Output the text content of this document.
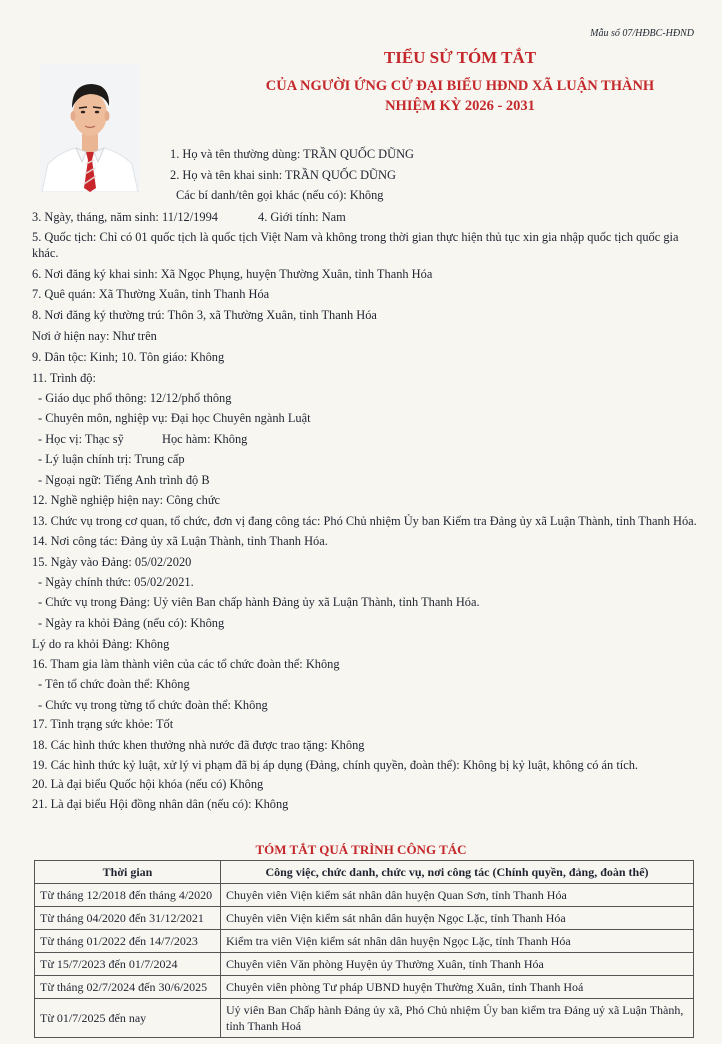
Mẫu số 07/HĐBC-HĐND
TIỂU SỬ TÓM TẮT
CỦA NGƯỜI ỨNG CỬ ĐẠI BIỂU HĐND XÃ LUẬN THÀNH
NHIỆM KỲ 2026 - 2031
1. Họ và tên thường dùng: TRẦN QUỐC DŨNG
2. Họ và tên khai sinh: TRẦN QUỐC DŨNG
Các bí danh/tên gọi khác (nếu có): Không
3. Ngày, tháng, năm sinh: 11/12/1994	4. Giới tính: Nam
5. Quốc tịch: Chỉ có 01 quốc tịch là quốc tịch Việt Nam và không trong thời gian thực hiện thủ tục xin gia nhập quốc tịch quốc gia khác.
6. Nơi đăng ký khai sinh: Xã Ngọc Phụng, huyện Thường Xuân, tỉnh Thanh Hóa
7. Quê quán: Xã Thường Xuân, tỉnh Thanh Hóa
8. Nơi đăng ký thường trú: Thôn 3, xã Thường Xuân, tỉnh Thanh Hóa
Nơi ở hiện nay: Như trên
9. Dân tộc: Kinh; 10. Tôn giáo: Không
11. Trình độ:
- Giáo dục phổ thông: 12/12/phổ thông
- Chuyên môn, nghiệp vụ: Đại học Chuyên ngành Luật
- Học vị: Thạc sỹ	Học hàm: Không
- Lý luận chính trị: Trung cấp
- Ngoại ngữ: Tiếng Anh trình độ B
12. Nghề nghiệp hiện nay: Công chức
13. Chức vụ trong cơ quan, tổ chức, đơn vị đang công tác: Phó Chủ nhiệm Ủy ban Kiểm tra Đảng ủy xã Luận Thành, tỉnh Thanh Hóa.
14. Nơi công tác: Đảng ủy xã Luận Thành, tỉnh Thanh Hóa.
15. Ngày vào Đảng: 05/02/2020
- Ngày chính thức: 05/02/2021.
- Chức vụ trong Đảng: Uỷ viên Ban chấp hành Đảng ủy xã Luận Thành, tỉnh Thanh Hóa.
- Ngày ra khỏi Đảng (nếu có): Không
Lý do ra khỏi Đảng: Không
16. Tham gia làm thành viên của các tổ chức đoàn thể: Không
- Tên tổ chức đoàn thể: Không
- Chức vụ trong từng tổ chức đoàn thể: Không
17. Tình trạng sức khỏe: Tốt
18. Các hình thức khen thưởng nhà nước đã được trao tặng: Không
19. Các hình thức kỷ luật, xử lý vi phạm đã bị áp dụng (Đảng, chính quyền, đoàn thể): Không bị kỷ luật, không có án tích.
20. Là đại biểu Quốc hội khóa (nếu có) Không
21. Là đại biểu Hội đồng nhân dân (nếu có): Không
TÓM TẮT QUÁ TRÌNH CÔNG TÁC
Thời gian	Công việc, chức danh, chức vụ, nơi công tác (Chính quyền, đảng, đoàn thể)
Từ tháng 12/2018 đến tháng 4/2020	Chuyên viên Viện kiểm sát nhân dân huyện Quan Sơn, tỉnh Thanh Hóa
Từ tháng 04/2020 đến 31/12/2021	Chuyên viên Viện kiểm sát nhân dân huyện Ngọc Lặc, tỉnh Thanh Hóa
Từ tháng 01/2022 đến 14/7/2023	Kiểm tra viên Viện kiểm sát nhân dân huyện Ngọc Lặc, tỉnh Thanh Hóa
Từ 15/7/2023 đến 01/7/2024	Chuyên viên Văn phòng Huyện ủy Thường Xuân, tỉnh Thanh Hóa
Từ tháng 02/7/2024 đến 30/6/2025	Chuyên viên phòng Tư pháp UBND huyện Thường Xuân, tỉnh Thanh Hoá
Từ 01/7/2025 đến nay	Uỷ viên Ban Chấp hành Đảng ủy xã, Phó Chủ nhiệm Ủy ban kiểm tra Đảng uỷ xã Luận Thành, tỉnh Thanh Hoá
